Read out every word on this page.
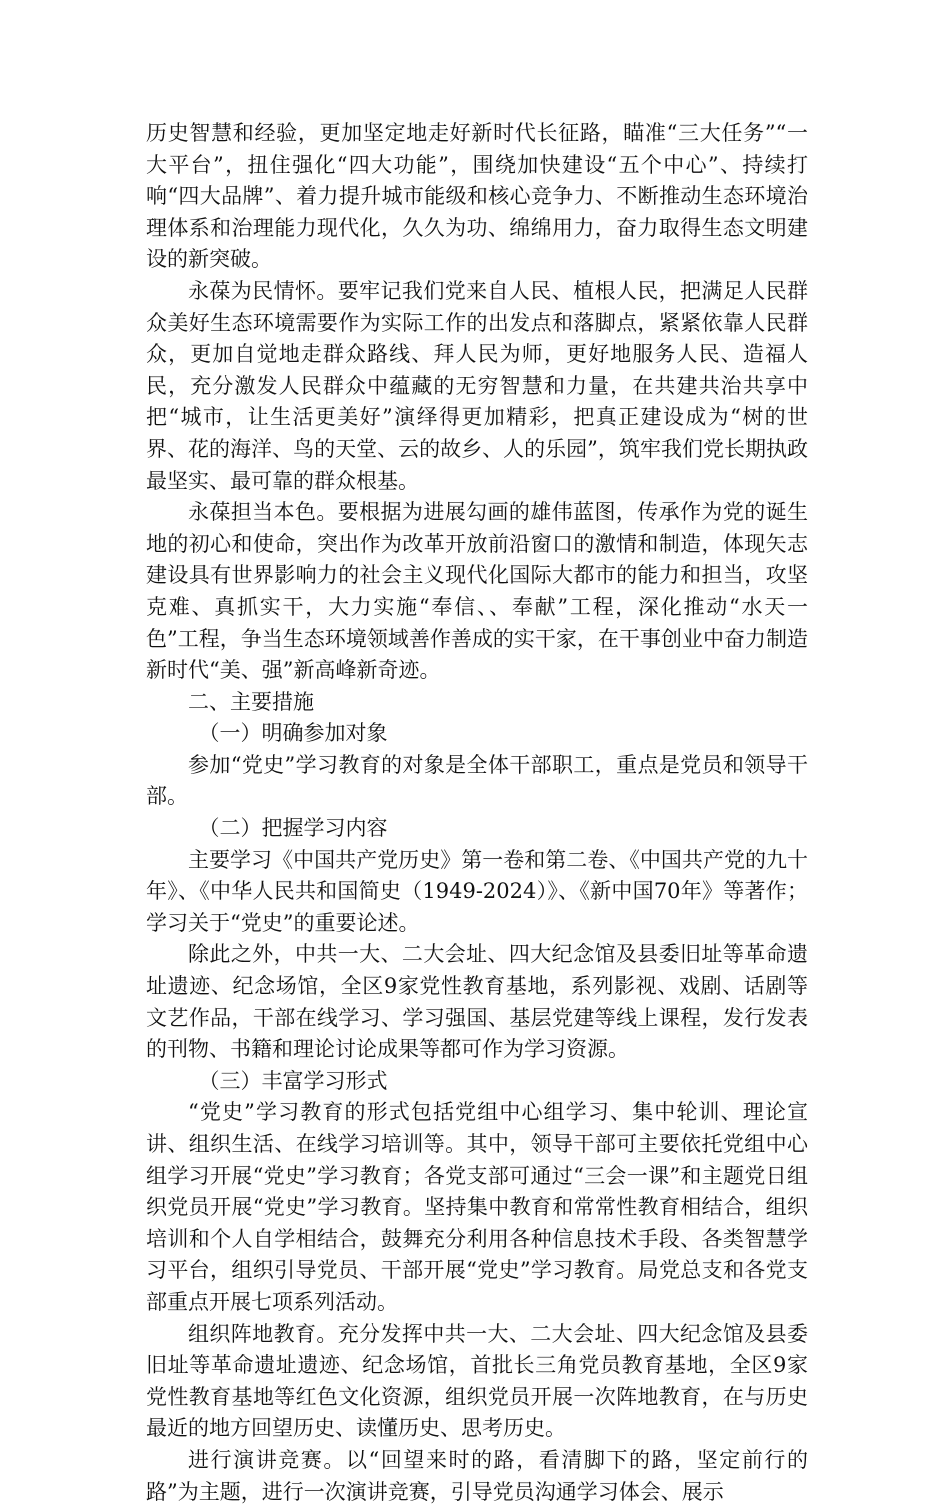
历史智慧和经验，更加坚定地走好新时代长征路，瞄准“三大任务”“一大平台”，扭住强化“四大功能”，围绕加快建设“五个中心”、持续打响“四大品牌”、着力提升城市能级和核心竞争力、不断推动生态环境治理体系和治理能力现代化，久久为功、绵绵用力，奋力取得生态文明建设的新突破。

永葆为民情怀。要牢记我们党来自人民、植根人民，把满足人民群众美好生态环境需要作为实际工作的出发点和落脚点，紧紧依靠人民群众，更加自觉地走群众路线、拜人民为师，更好地服务人民、造福人民，充分激发人民群众中蕴藏的无穷智慧和力量，在共建共治共享中把“城市，让生活更美好”演绎得更加精彩，把真正建设成为“树的世界、花的海洋、鸟的天堂、云的故乡、人的乐园”，筑牢我们党长期执政最坚实、最可靠的群众根基。

永葆担当本色。要根据为进展勾画的雄伟蓝图，传承作为党的诞生地的初心和使命，突出作为改革开放前沿窗口的激情和制造，体现矢志建设具有世界影响力的社会主义现代化国际大都市的能力和担当，攻坚克难、真抓实干，大力实施“奉信、、奉献”工程，深化推动“水天一色”工程，争当生态环境领域善作善成的实干家，在干事创业中奋力制造新时代“美、强”新高峰新奇迹。

二、主要措施

（一）明确参加对象

参加“党史”学习教育的对象是全体干部职工，重点是党员和领导干部。

（二）把握学习内容

主要学习《中国共产党历史》第一卷和第二卷、《中国共产党的九十年》、《中华人民共和国简史（1949-2024）》、《新中国70年》等著作；学习关于“党史”的重要论述。

除此之外，中共一大、二大会址、四大纪念馆及县委旧址等革命遗址遗迹、纪念场馆，全区9家党性教育基地，系列影视、戏剧、话剧等文艺作品，干部在线学习、学习强国、基层党建等线上课程，发行发表的刊物、书籍和理论讨论成果等都可作为学习资源。

（三）丰富学习形式

“党史”学习教育的形式包括党组中心组学习、集中轮训、理论宣讲、组织生活、在线学习培训等。其中，领导干部可主要依托党组中心组学习开展“党史”学习教育；各党支部可通过“三会一课”和主题党日组织党员开展“党史”学习教育。坚持集中教育和常常性教育相结合，组织培训和个人自学相结合，鼓舞充分利用各种信息技术手段、各类智慧学习平台，组织引导党员、干部开展“党史”学习教育。局党总支和各党支部重点开展七项系列活动。

组织阵地教育。充分发挥中共一大、二大会址、四大纪念馆及县委旧址等革命遗址遗迹、纪念场馆，首批长三角党员教育基地，全区9家党性教育基地等红色文化资源，组织党员开展一次阵地教育，在与历史最近的地方回望历史、读懂历史、思考历史。

进行演讲竞赛。以“回望来时的路，看清脚下的路，坚定前行的路”为主题，进行一次演讲竞赛，引导党员沟通学习体会、展示
